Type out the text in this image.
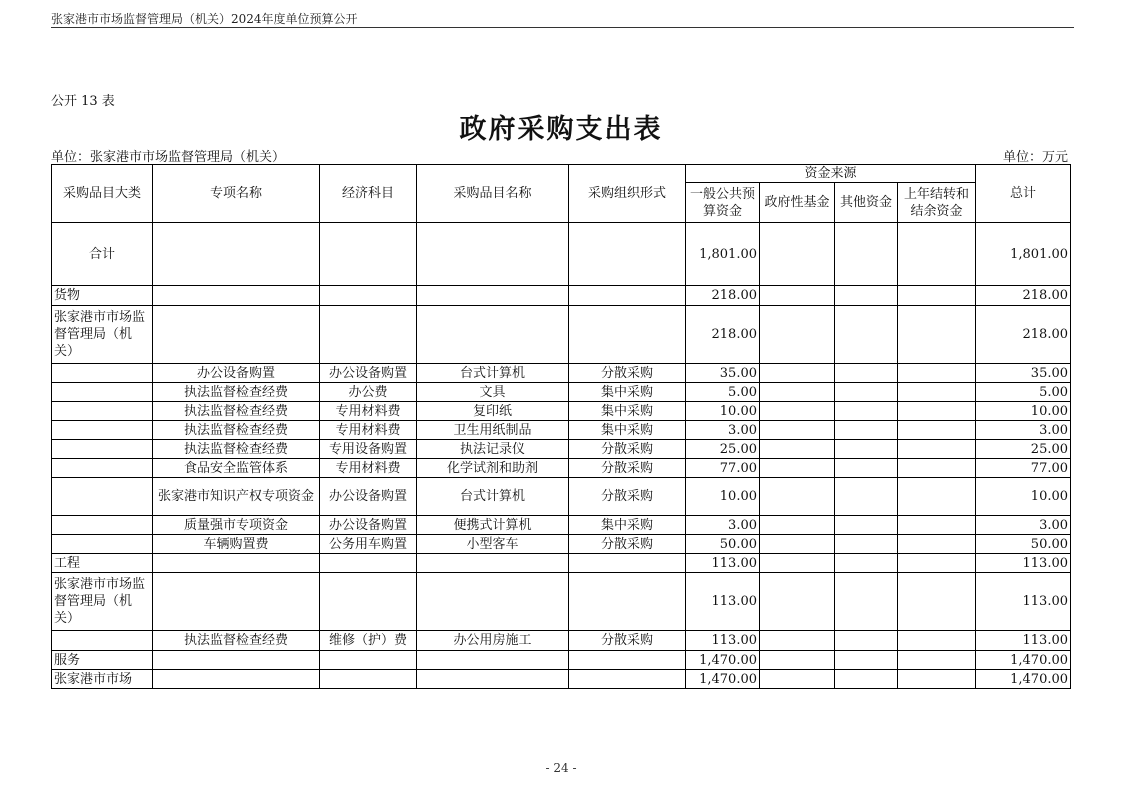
张家港市市场监督管理局（机关）2024年度单位预算公开
公开 13 表
政府采购支出表
单位：张家港市市场监督管理局（机关）	单位：万元
采购品目大类	专项名称	经济科目	采购品目名称	采购组织形式	资金来源				总计
					一般公共预算资金	政府性基金	其他资金	上年结转和结余资金	
合计					1,801.00				1,801.00
货物					218.00				218.00
张家港市市场监督管理局（机关）					218.00				218.00
	办公设备购置	办公设备购置	台式计算机	分散采购	35.00				35.00
	执法监督检查经费	办公费	文具	集中采购	5.00				5.00
	执法监督检查经费	专用材料费	复印纸	集中采购	10.00				10.00
	执法监督检查经费	专用材料费	卫生用纸制品	集中采购	3.00				3.00
	执法监督检查经费	专用设备购置	执法记录仪	分散采购	25.00				25.00
	食品安全监管体系	专用材料费	化学试剂和助剂	分散采购	77.00				77.00
	张家港市知识产权专项资金	办公设备购置	台式计算机	分散采购	10.00				10.00
	质量强市专项资金	办公设备购置	便携式计算机	集中采购	3.00				3.00
	车辆购置费	公务用车购置	小型客车	分散采购	50.00				50.00
工程					113.00				113.00
张家港市市场监督管理局（机关）					113.00				113.00
	执法监督检查经费	维修（护）费	办公用房施工	分散采购	113.00				113.00
服务					1,470.00				1,470.00
张家港市市场					1,470.00				1,470.00
- 24 -
